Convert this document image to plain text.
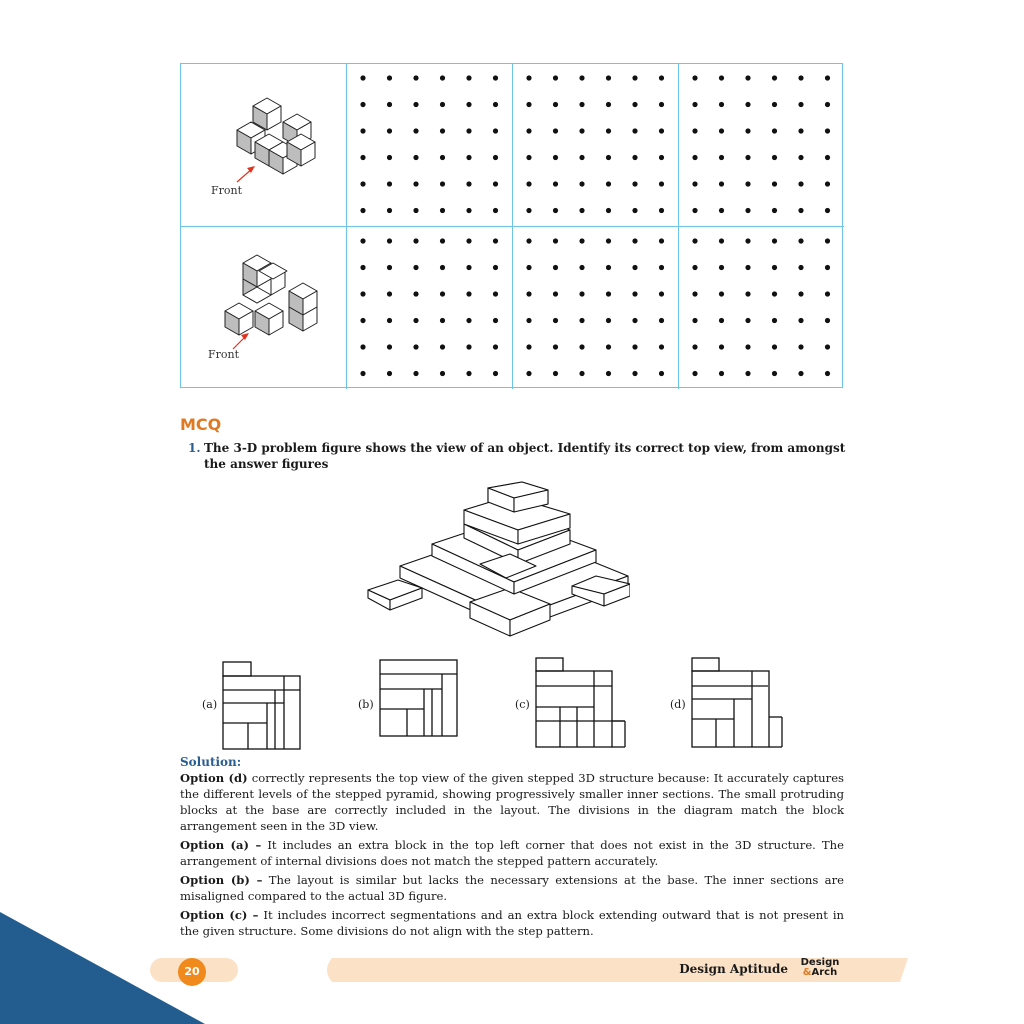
Front
Front
MCQ
1. The 3-D problem figure shows the view of an object. Identify its correct top view, from amongst the answer figures
(a)	(b)	(c)	(d)
Solution:

Option (d) correctly represents the top view of the given stepped 3D structure because: It accurately captures the different levels of the stepped pyramid, showing progressively smaller inner sections. The small protruding blocks at the base are correctly included in the layout. The divisions in the diagram match the block arrangement seen in the 3D view.

Option (a) – It includes an extra block in the top left corner that does not exist in the 3D structure. The arrangement of internal divisions does not match the stepped pattern accurately.

Option (b) – The layout is similar but lacks the necessary extensions at the base. The inner sections are misaligned compared to the actual 3D figure.

Option (c) – It includes incorrect segmentations and an extra block extending outward that is not present in the given structure. Some divisions do not align with the step pattern.

20	Design Aptitude	Design
&Arch
